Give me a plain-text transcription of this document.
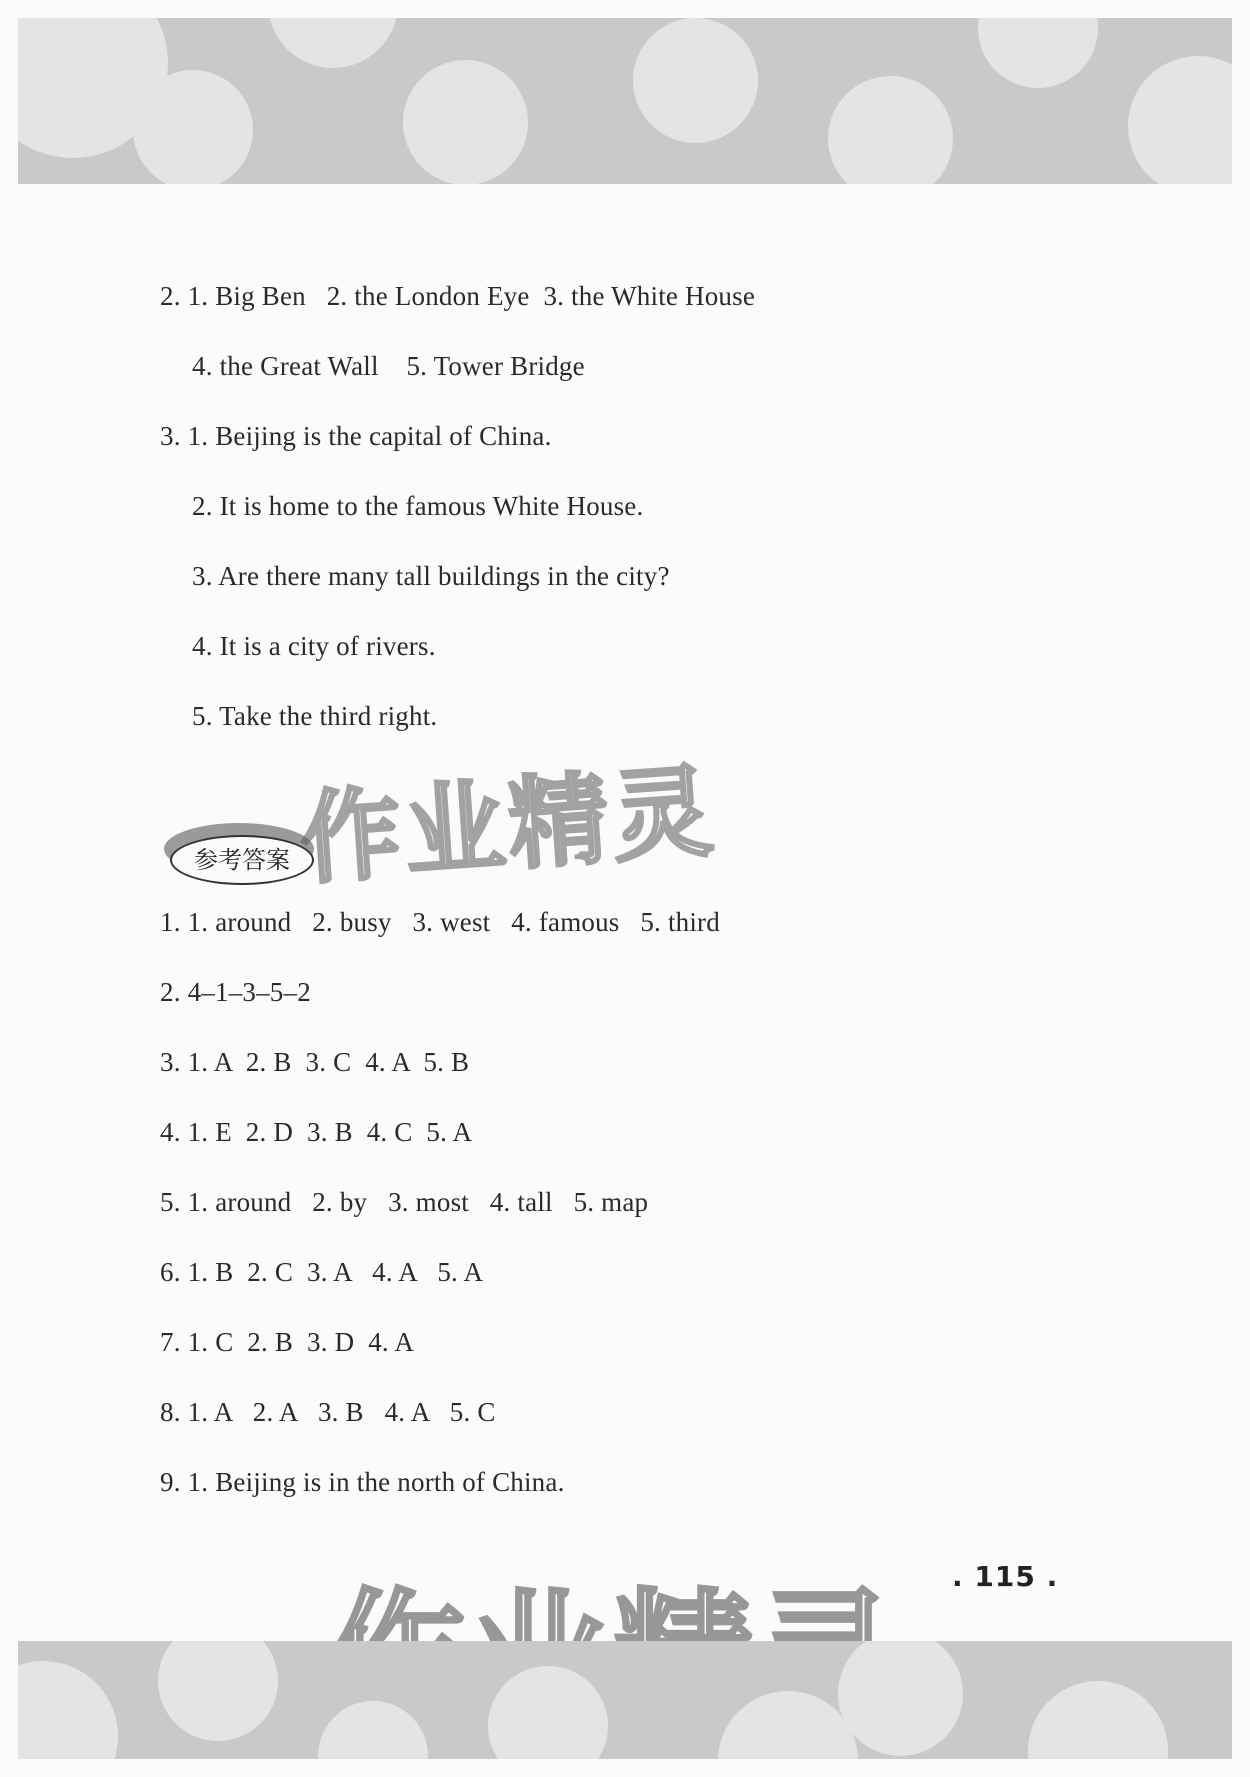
2. 1. Big Ben   2. the London Eye  3. the White House
4. the Great Wall    5. Tower Bridge
3. 1. Beijing is the capital of China.
2. It is home to the famous White House.
3. Are there many tall buildings in the city?
4. It is a city of rivers.
5. Take the third right.
参考答案
1. 1. around   2. busy   3. west   4. famous   5. third
2. 4–1–3–5–2
3. 1. A  2. B  3. C  4. A  5. B
4. 1. E  2. D  3. B  4. C  5. A
5. 1. around   2. by   3. most   4. tall   5. map
6. 1. B  2. C  3. A   4. A   5. A
7. 1. C  2. B  3. D  4. A
8. 1. A   2. A   3. B   4. A   5. C
9. 1. Beijing is in the north of China.
作业精灵
. 115 .
